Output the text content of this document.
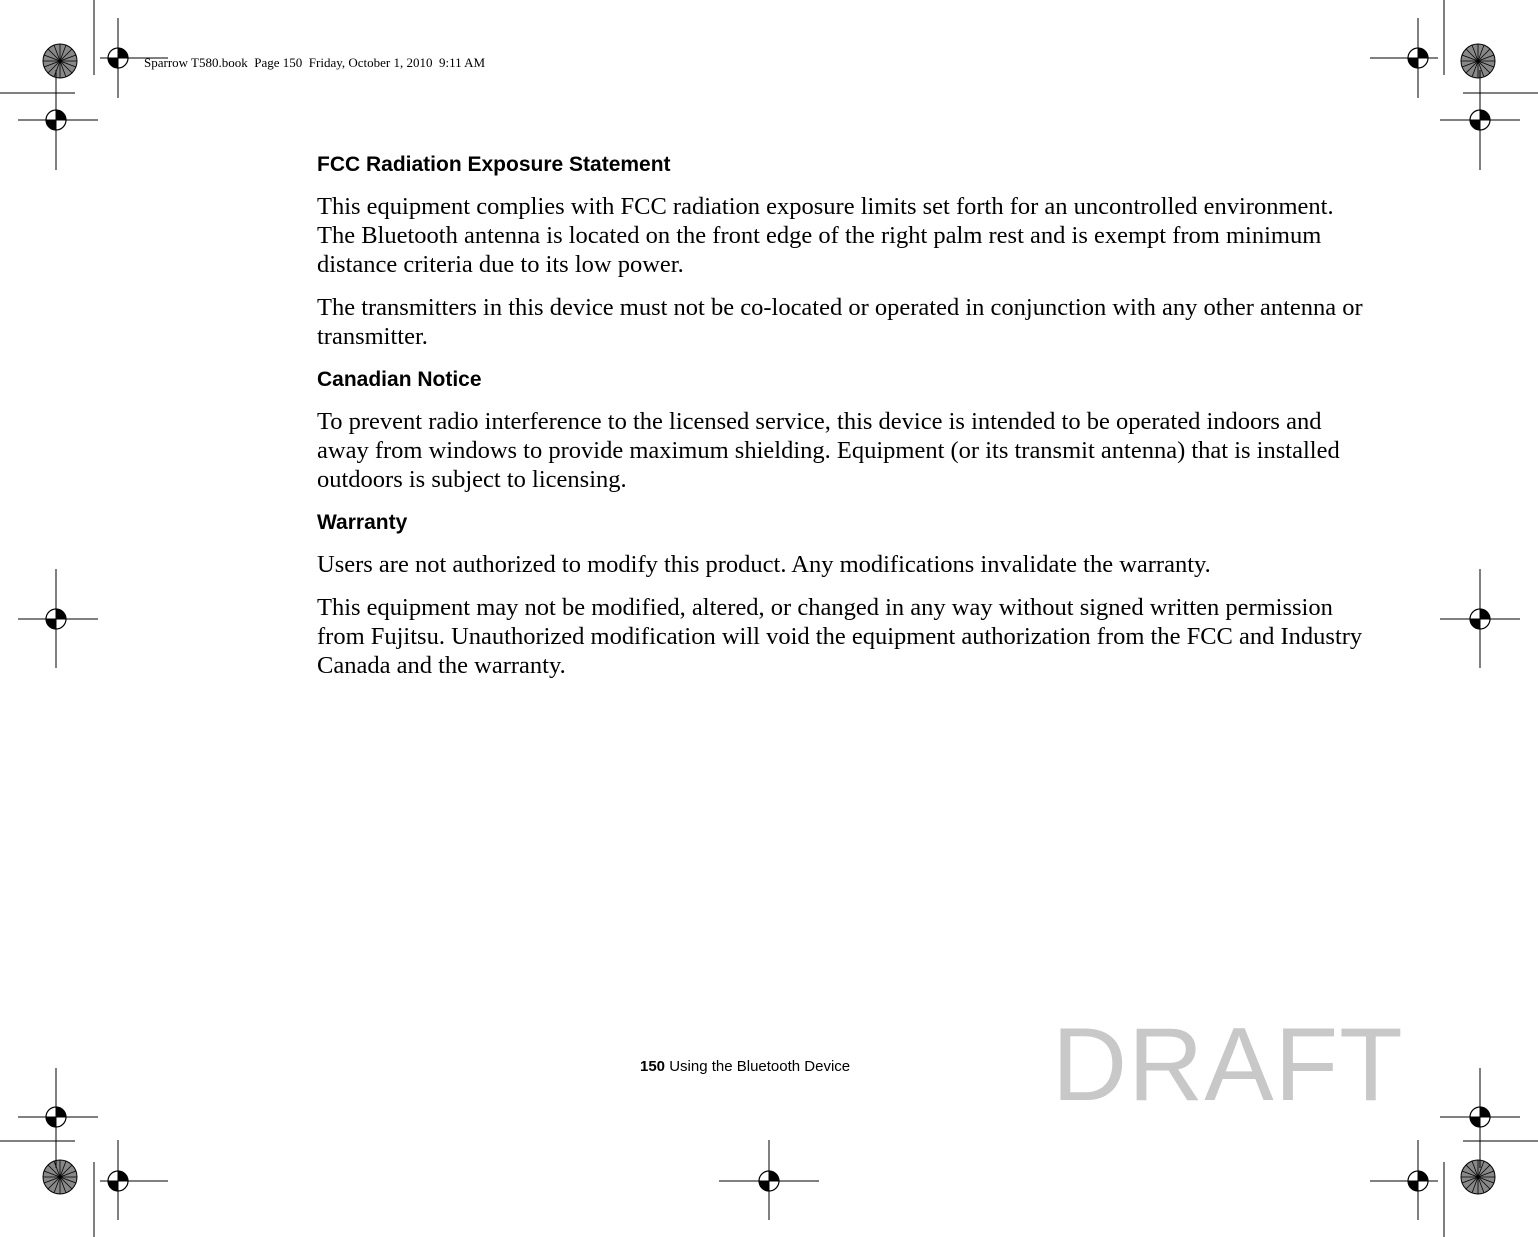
Sparrow T580.book  Page 150  Friday, October 1, 2010  9:11 AM
FCC Radiation Exposure Statement

This equipment complies with FCC radiation exposure limits set forth for an uncontrolled environment. The Bluetooth antenna is located on the front edge of the right palm rest and is exempt from minimum distance criteria due to its low power.

The transmitters in this device must not be co-located or operated in conjunction with any other antenna or transmitter.

Canadian Notice

To prevent radio interference to the licensed service, this device is intended to be operated indoors and away from windows to provide maximum shielding. Equipment (or its transmit antenna) that is installed outdoors is subject to licensing.

Warranty

Users are not authorized to modify this product. Any modifications invalidate the warranty.

This equipment may not be modified, altered, or changed in any way without signed written permission from Fujitsu. Unauthorized modification will void the equipment authorization from the FCC and Industry Canada and the warranty.

150 Using the Bluetooth Device DRAFT
